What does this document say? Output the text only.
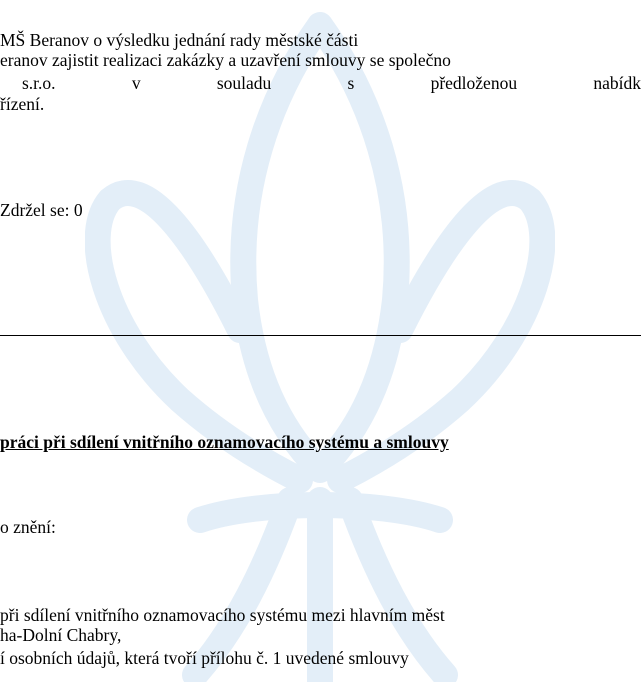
MŠ Beranov o výsledku jednání rady městské části
eranov zajistit realizaci zakázky a uzavření smlouvy se společno
s.r.o.	v	souladu	s	předloženou	nabídk
řízení.
Zdržel se: 0
práci při sdílení vnitřního oznamovacího systému a smlouvy
o znění:
při sdílení vnitřního oznamovacího systému mezi hlavním měst
ha-Dolní Chabry,
í osobních údajů, která tvoří přílohu č. 1 uvedené smlouvy
